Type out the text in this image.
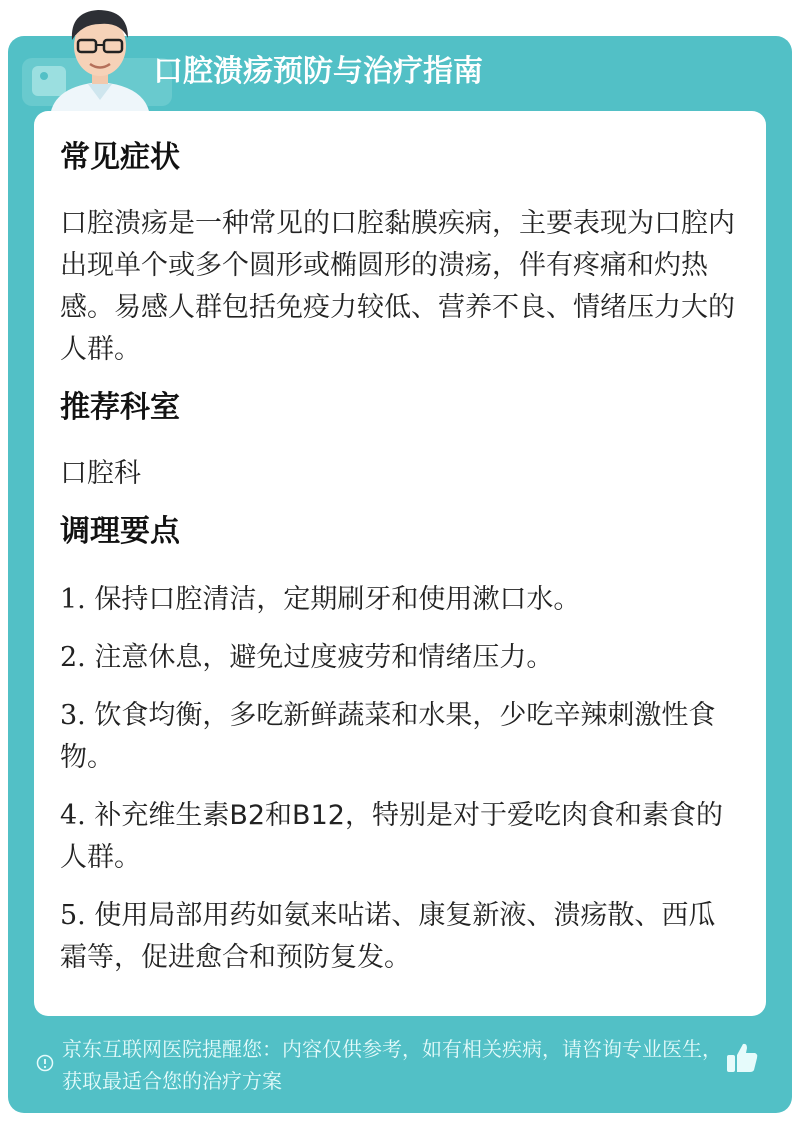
口腔溃疡预防与治疗指南
常见症状

口腔溃疡是一种常见的口腔黏膜疾病，主要表现为口腔内出现单个或多个圆形或椭圆形的溃疡，伴有疼痛和灼热感。易感人群包括免疫力较低、营养不良、情绪压力大的人群。

推荐科室

口腔科

调理要点

1. 保持口腔清洁，定期刷牙和使用漱口水。

2. 注意休息，避免过度疲劳和情绪压力。

3. 饮食均衡，多吃新鲜蔬菜和水果，少吃辛辣刺激性食物。

4. 补充维生素B2和B12，特别是对于爱吃肉食和素食的人群。

5. 使用局部用药如氨来呫诺、康复新液、溃疡散、西瓜霜等，促进愈合和预防复发。

京东互联网医院提醒您：内容仅供参考，如有相关疾病，请咨询专业医生，获取最适合您的治疗方案
